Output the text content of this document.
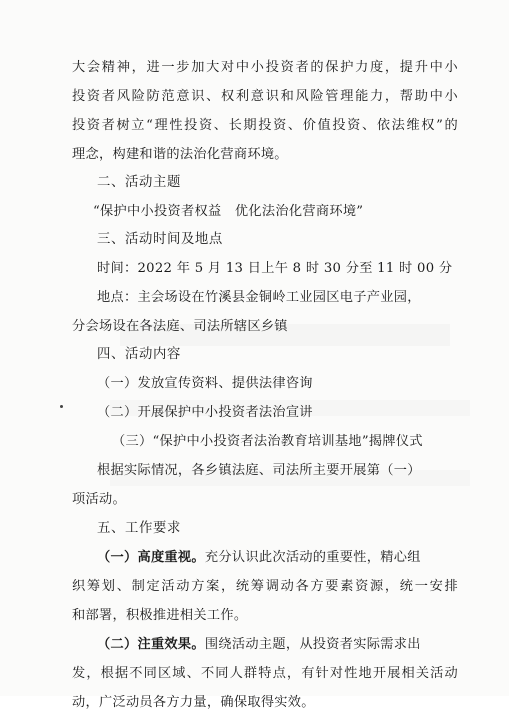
大会精神，进一步加大对中小投资者的保护力度，提升中小
投资者风险防范意识、权利意识和风险管理能力，帮助中小
投资者树立“理性投资、长期投资、价值投资、依法维权”的
理念，构建和谐的法治化营商环境。
二、活动主题
“保护中小投资者权益　优化法治化营商环境”
三、活动时间及地点
时间：2022 年 5 月 13 日上午 8 时 30 分至 11 时 00 分
地点：主会场设在竹溪县金铜岭工业园区电子产业园，
分会场设在各法庭、司法所辖区乡镇
四、活动内容
（一）发放宣传资料、提供法律咨询
（二）开展保护中小投资者法治宣讲
（三）“保护中小投资者法治教育培训基地”揭牌仪式
根据实际情况，各乡镇法庭、司法所主要开展第（一）
项活动。
五、工作要求
（一）高度重视。充分认识此次活动的重要性，精心组
织筹划、制定活动方案，统筹调动各方要素资源，统一安排
和部署，积极推进相关工作。
（二）注重效果。围绕活动主题，从投资者实际需求出
发，根据不同区域、不同人群特点，有针对性地开展相关活动
动，广泛动员各方力量，确保取得实效。
